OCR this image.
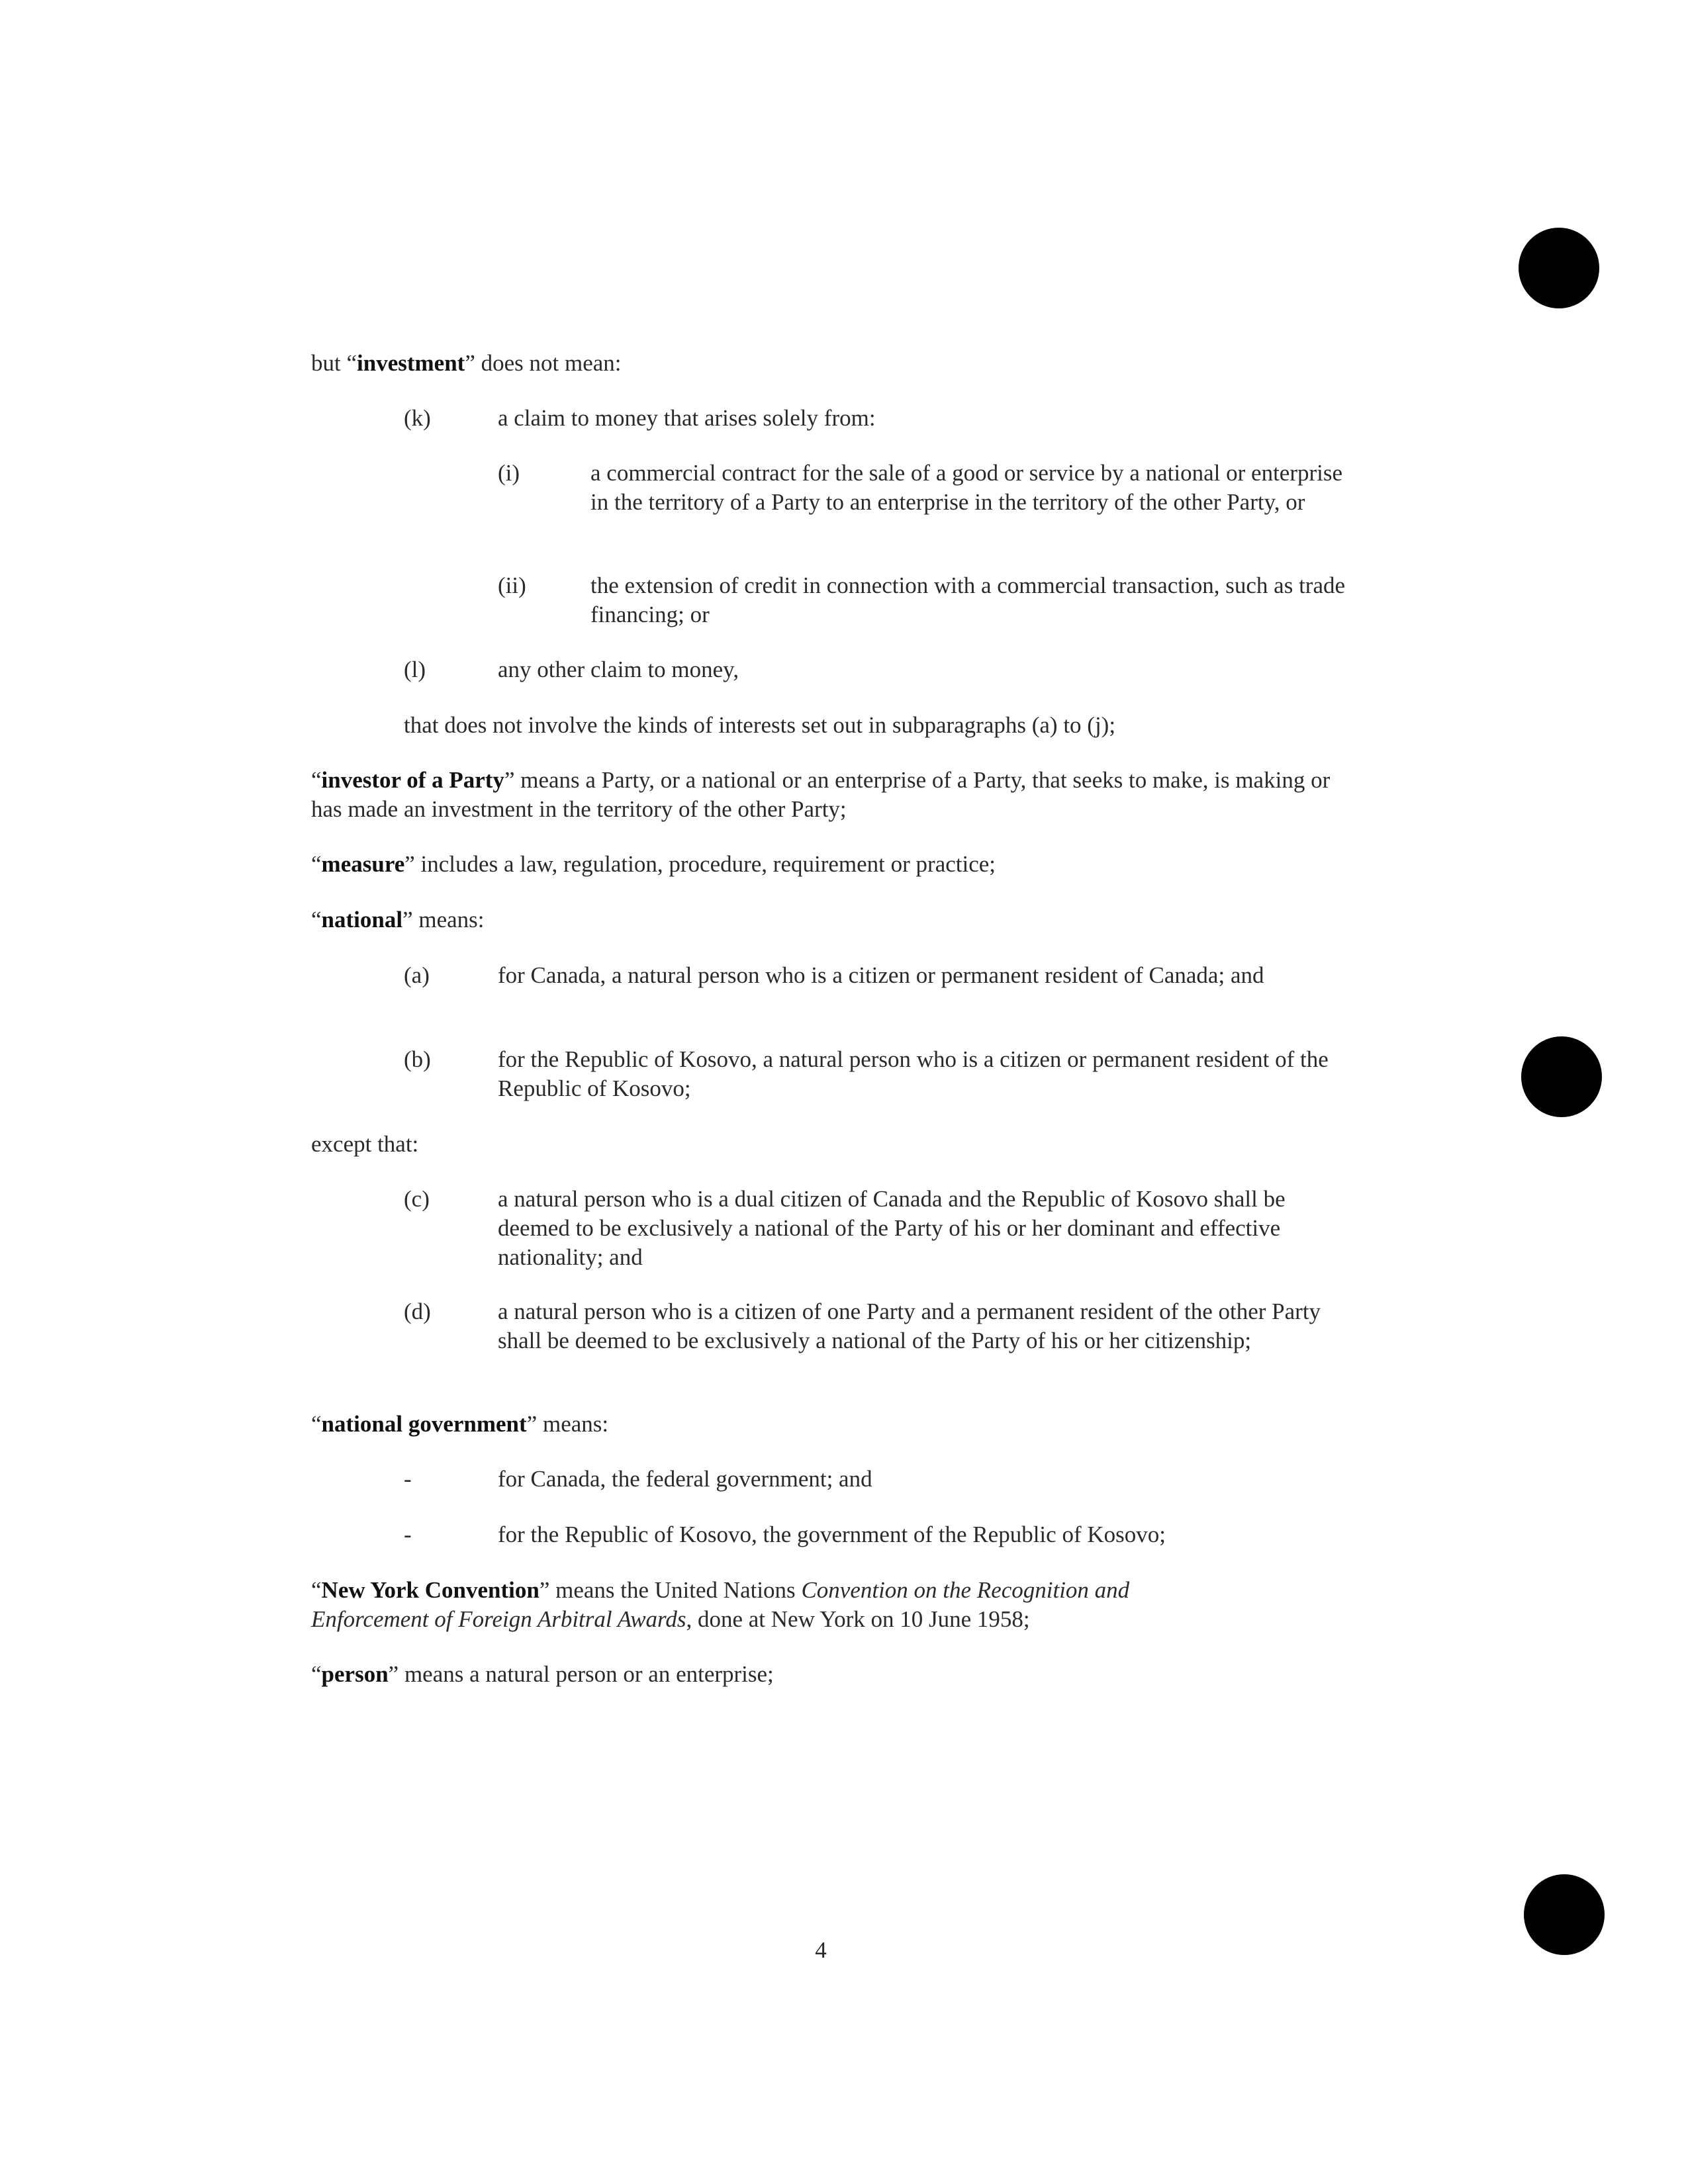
but “investment” does not mean:

(k)	a claim to money that arises solely from:

(i)	a commercial contract for the sale of a good or service by a national or enterprise in the territory of a Party to an enterprise in the territory of the other Party, or

(ii)	the extension of credit in connection with a commercial transaction, such as trade financing; or

(l)	any other claim to money,

that does not involve the kinds of interests set out in subparagraphs (a) to (j);

“investor of a Party” means a Party, or a national or an enterprise of a Party, that seeks to make, is making or has made an investment in the territory of the other Party;

“measure” includes a law, regulation, procedure, requirement or practice;

“national” means:

(a)	for Canada, a natural person who is a citizen or permanent resident of Canada; and

(b)	for the Republic of Kosovo, a natural person who is a citizen or permanent resident of the Republic of Kosovo;

except that:

(c)	a natural person who is a dual citizen of Canada and the Republic of Kosovo shall be deemed to be exclusively a national of the Party of his or her dominant and effective nationality; and

(d)	a natural person who is a citizen of one Party and a permanent resident of the other Party shall be deemed to be exclusively a national of the Party of his or her citizenship;

“national government” means:

-	for Canada, the federal government; and

-	for the Republic of Kosovo, the government of the Republic of Kosovo;

“New York Convention” means the United Nations Convention on the Recognition and Enforcement of Foreign Arbitral Awards, done at New York on 10 June 1958;

“person” means a natural person or an enterprise;

4
